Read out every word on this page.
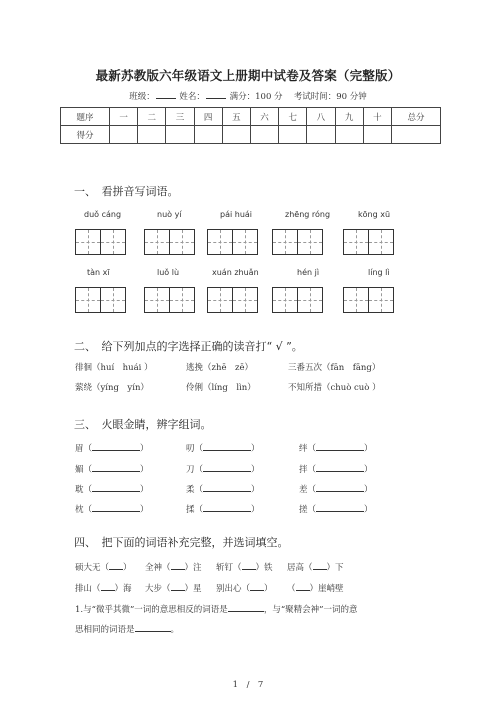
最新苏教版六年级语文上册期中试卷及答案（完整版）
班级：	姓名：	满分：100 分　 考试时间：90 分钟
题序	一	二	三	四	五	六	七	八	九	十	总分
得分											
一、　看拼音写词语。
duǒ cáng	nuò yí	pái huái	zhēng róng	kōng xū
tàn xī	luǒ lù	xuán zhuǎn	hén jì	líng lì
二、　给下列加点的字选择正确的读音打“ √ ”。
徘徊（huí　huái ）	逃挽（zhē　zē）	三番五次（fān　fāng）
萦绕（yíng　yín）	伶俐（líng　lìn）	不知所措（chuò cuò ）
三、　火眼金睛，辨字组词。
眉（	）	叨（	）	绊（	）
媚（	）	刀（	）	拌（	）
耽（	）	柔（	）	差（	）
枕（	）	揉（	）	搓（	）
四、　把下面的词语补充完整，并选词填空。
硕大无（ ） 全神（ ）注 斩钉（ ）铁 居高（ ）下
排山（ ）海 大步（ ）星 别出心（ ） （ ）崖峭壁
1.与“微乎其微”一词的意思相反的词语是	，与“聚精会神”一词的意
思相同的词语是	。
1　/　7
